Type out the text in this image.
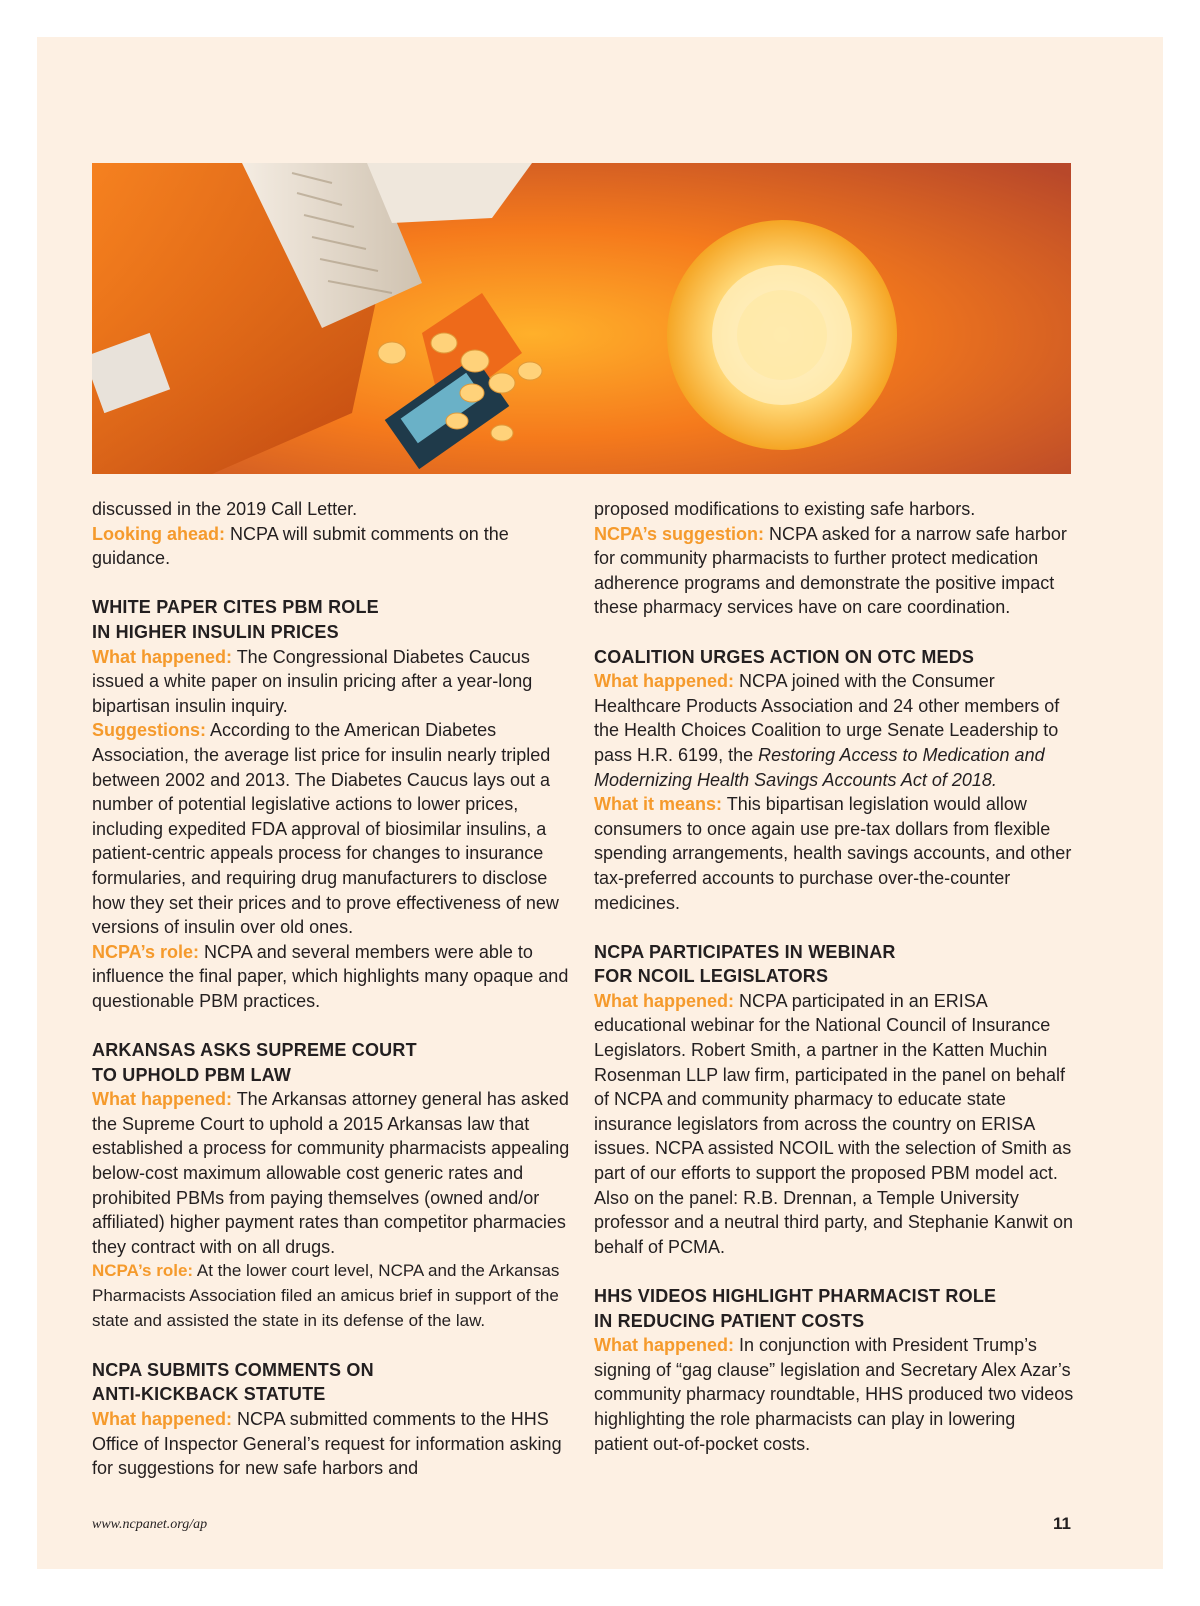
discussed in the 2019 Call Letter.

Looking ahead: NCPA will submit comments on the guidance.

WHITE PAPER CITES PBM ROLE

IN HIGHER INSULIN PRICES

What happened: The Congressional Diabetes Caucus issued a white paper on insulin pricing after a year-long bipartisan insulin inquiry.

Suggestions: According to the American Diabetes Association, the average list price for insulin nearly tripled between 2002 and 2013. The Diabetes Caucus lays out a number of potential legislative actions to lower prices, including expedited FDA approval of biosimilar insulins, a patient-centric appeals process for changes to insurance formularies, and requiring drug manufacturers to disclose how they set their prices and to prove effectiveness of new versions of insulin over old ones.

NCPA’s role: NCPA and several members were able to influence the final paper, which highlights many opaque and questionable PBM practices.

ARKANSAS ASKS SUPREME COURT

TO UPHOLD PBM LAW

What happened: The Arkansas attorney general has asked the Supreme Court to uphold a 2015 Arkansas law that established a process for community pharmacists appealing below-cost maximum allowable cost generic rates and prohibited PBMs from paying themselves (owned and/or affiliated) higher payment rates than competitor pharmacies they contract with on all drugs.

NCPA’s role: At the lower court level, NCPA and the Arkansas Pharmacists Association filed an amicus brief in support of the state and assisted the state in its defense of the law.

NCPA SUBMITS COMMENTS ON

ANTI-KICKBACK STATUTE

What happened: NCPA submitted comments to the HHS Office of Inspector General’s request for information asking for suggestions for new safe harbors and

proposed modifications to existing safe harbors.

NCPA’s suggestion: NCPA asked for a narrow safe harbor for community pharmacists to further protect medication adherence programs and demonstrate the positive impact these pharmacy services have on care coordination.

COALITION URGES ACTION ON OTC MEDS

What happened: NCPA joined with the Consumer Healthcare Products Association and 24 other members of the Health Choices Coalition to urge Senate Leadership to pass H.R. 6199, the Restoring Access to Medication and Modernizing Health Savings Accounts Act of 2018.

What it means: This bipartisan legislation would allow consumers to once again use pre-tax dollars from flexible spending arrangements, health savings accounts, and other tax-preferred accounts to purchase over-the-counter medicines.

NCPA PARTICIPATES IN WEBINAR

FOR NCOIL LEGISLATORS

What happened: NCPA participated in an ERISA educational webinar for the National Council of Insurance Legislators. Robert Smith, a partner in the Katten Muchin Rosenman LLP law firm, participated in the panel on behalf of NCPA and community pharmacy to educate state insurance legislators from across the country on ERISA issues. NCPA assisted NCOIL with the selection of Smith as part of our efforts to support the proposed PBM model act. Also on the panel: R.B. Drennan, a Temple University professor and a neutral third party, and Stephanie Kanwit on behalf of PCMA.

HHS VIDEOS HIGHLIGHT PHARMACIST ROLE

IN REDUCING PATIENT COSTS

What happened: In conjunction with President Trump’s signing of “gag clause” legislation and Secretary Alex Azar’s community pharmacy roundtable, HHS produced two videos highlighting the role pharmacists can play in lowering patient out-of-pocket costs.

www.ncpanet.org/ap	11
